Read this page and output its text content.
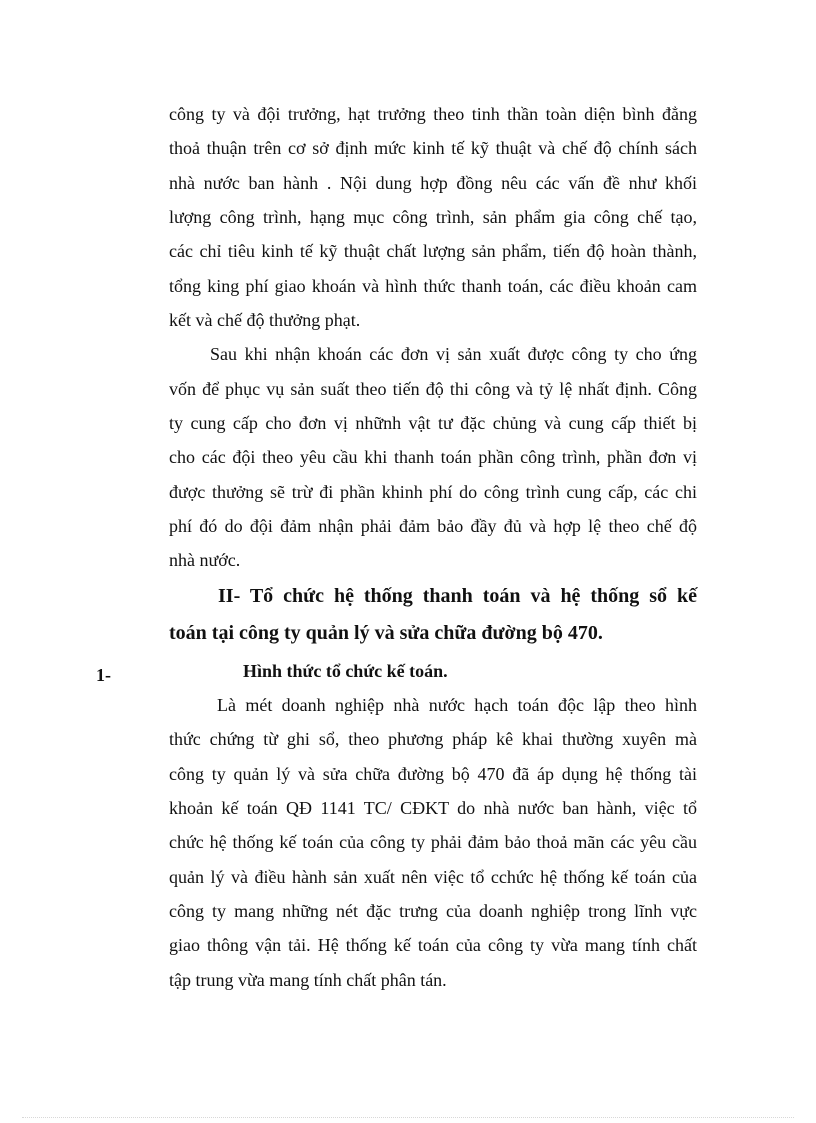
công ty và đội trưởng, hạt trưởng theo tinh thần toàn diện bình đẳng
thoả thuận trên cơ sở định mức kinh tế kỹ thuật và chế độ chính sách
nhà nước ban hành . Nội dung hợp đồng nêu các vấn đề như khối
lượng công trình, hạng mục công trình, sản phẩm gia công chế tạo,
các chỉ tiêu kinh tế kỹ thuật chất lượng sản phẩm, tiến độ hoàn thành,
tổng king phí giao khoán và hình thức thanh toán, các điều khoản cam
kết và chế độ thưởng phạt.
Sau khi nhận khoán các đơn vị sản xuất được công ty cho ứng
vốn để phục vụ sản suất theo tiến độ thi công và tỷ lệ nhất định. Công
ty cung cấp cho đơn vị nhữnh vật tư đặc chủng và cung cấp thiết bị
cho các đội theo yêu cầu khi thanh toán phần công trình, phần đơn vị
được thưởng sẽ trừ đi phần khinh phí do công trình cung cấp, các chi
phí đó do đội đảm nhận phải đảm bảo đầy đủ và hợp lệ theo chế độ
nhà nước.
II- Tổ chức hệ thống thanh toán và hệ thống sổ kế
toán tại công ty quản lý và sửa chữa đường bộ 470.
1-	Hình thức tổ chức kế toán.
Là mét doanh nghiệp nhà nước hạch toán độc lập theo hình
thức chứng từ ghi sổ, theo phương pháp kê khai thường xuyên mà
công ty quản lý và sửa chữa đường bộ 470 đã áp dụng hệ thống tài
khoản kế toán QĐ 1141 TC/ CĐKT do nhà nước ban hành, việc tổ
chức hệ thống kế toán của công ty phải đảm bảo thoả mãn các yêu cầu
quản lý và điều hành sản xuất nên việc tổ cchức hệ thống kế toán của
công ty mang những nét đặc trưng của doanh nghiệp trong lĩnh vực
giao thông vận tải. Hệ thống kế toán của công ty vừa mang tính chất
tập trung vừa mang tính chất phân tán.
